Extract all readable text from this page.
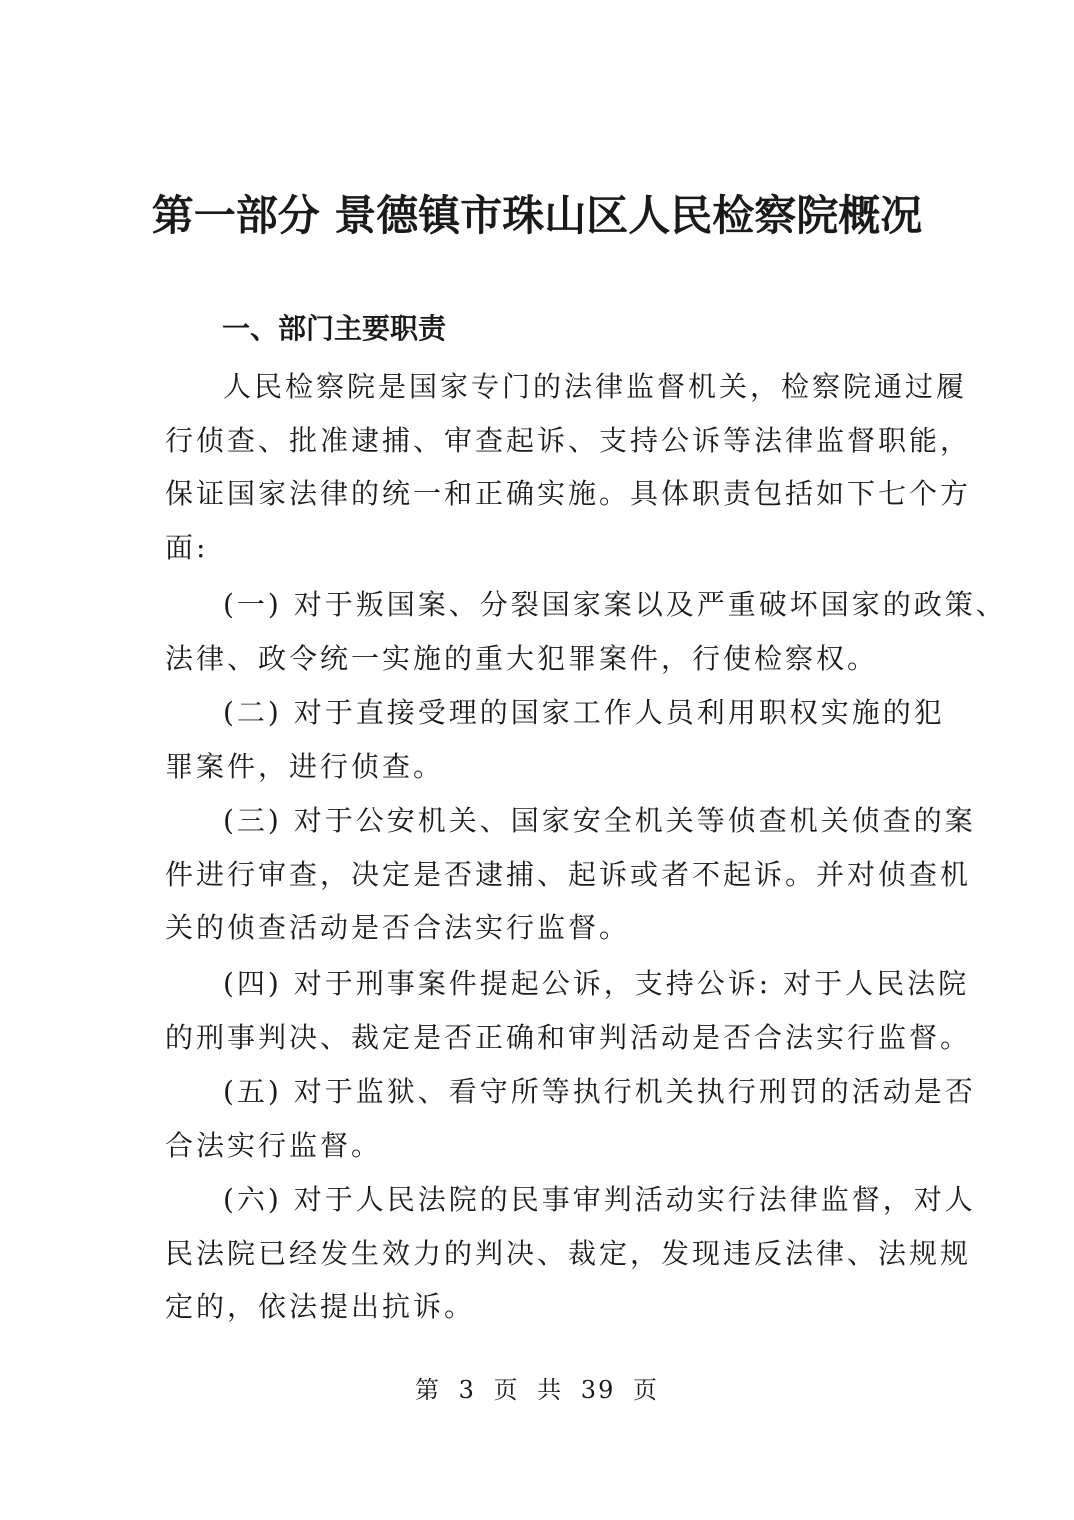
第一部分 景德镇市珠山区人民检察院概况
一、部门主要职责
人民检察院是国家专门的法律监督机关，检察院通过履
行侦查、批准逮捕、审查起诉、支持公诉等法律监督职能，
保证国家法律的统一和正确实施。具体职责包括如下七个方
面:
(一) 对于叛国案、分裂国家案以及严重破坏国家的政策、
法律、政令统一实施的重大犯罪案件，行使检察权。
(二) 对于直接受理的国家工作人员利用职权实施的犯
罪案件，进行侦查。
(三) 对于公安机关、国家安全机关等侦查机关侦查的案
件进行审查，决定是否逮捕、起诉或者不起诉。并对侦查机
关的侦查活动是否合法实行监督。
(四) 对于刑事案件提起公诉，支持公诉: 对于人民法院
的刑事判决、裁定是否正确和审判活动是否合法实行监督。
(五) 对于监狱、看守所等执行机关执行刑罚的活动是否
合法实行监督。
(六) 对于人民法院的民事审判活动实行法律监督，对人
民法院已经发生效力的判决、裁定，发现违反法律、法规规
定的，依法提出抗诉。
第 3 页 共 39 页
